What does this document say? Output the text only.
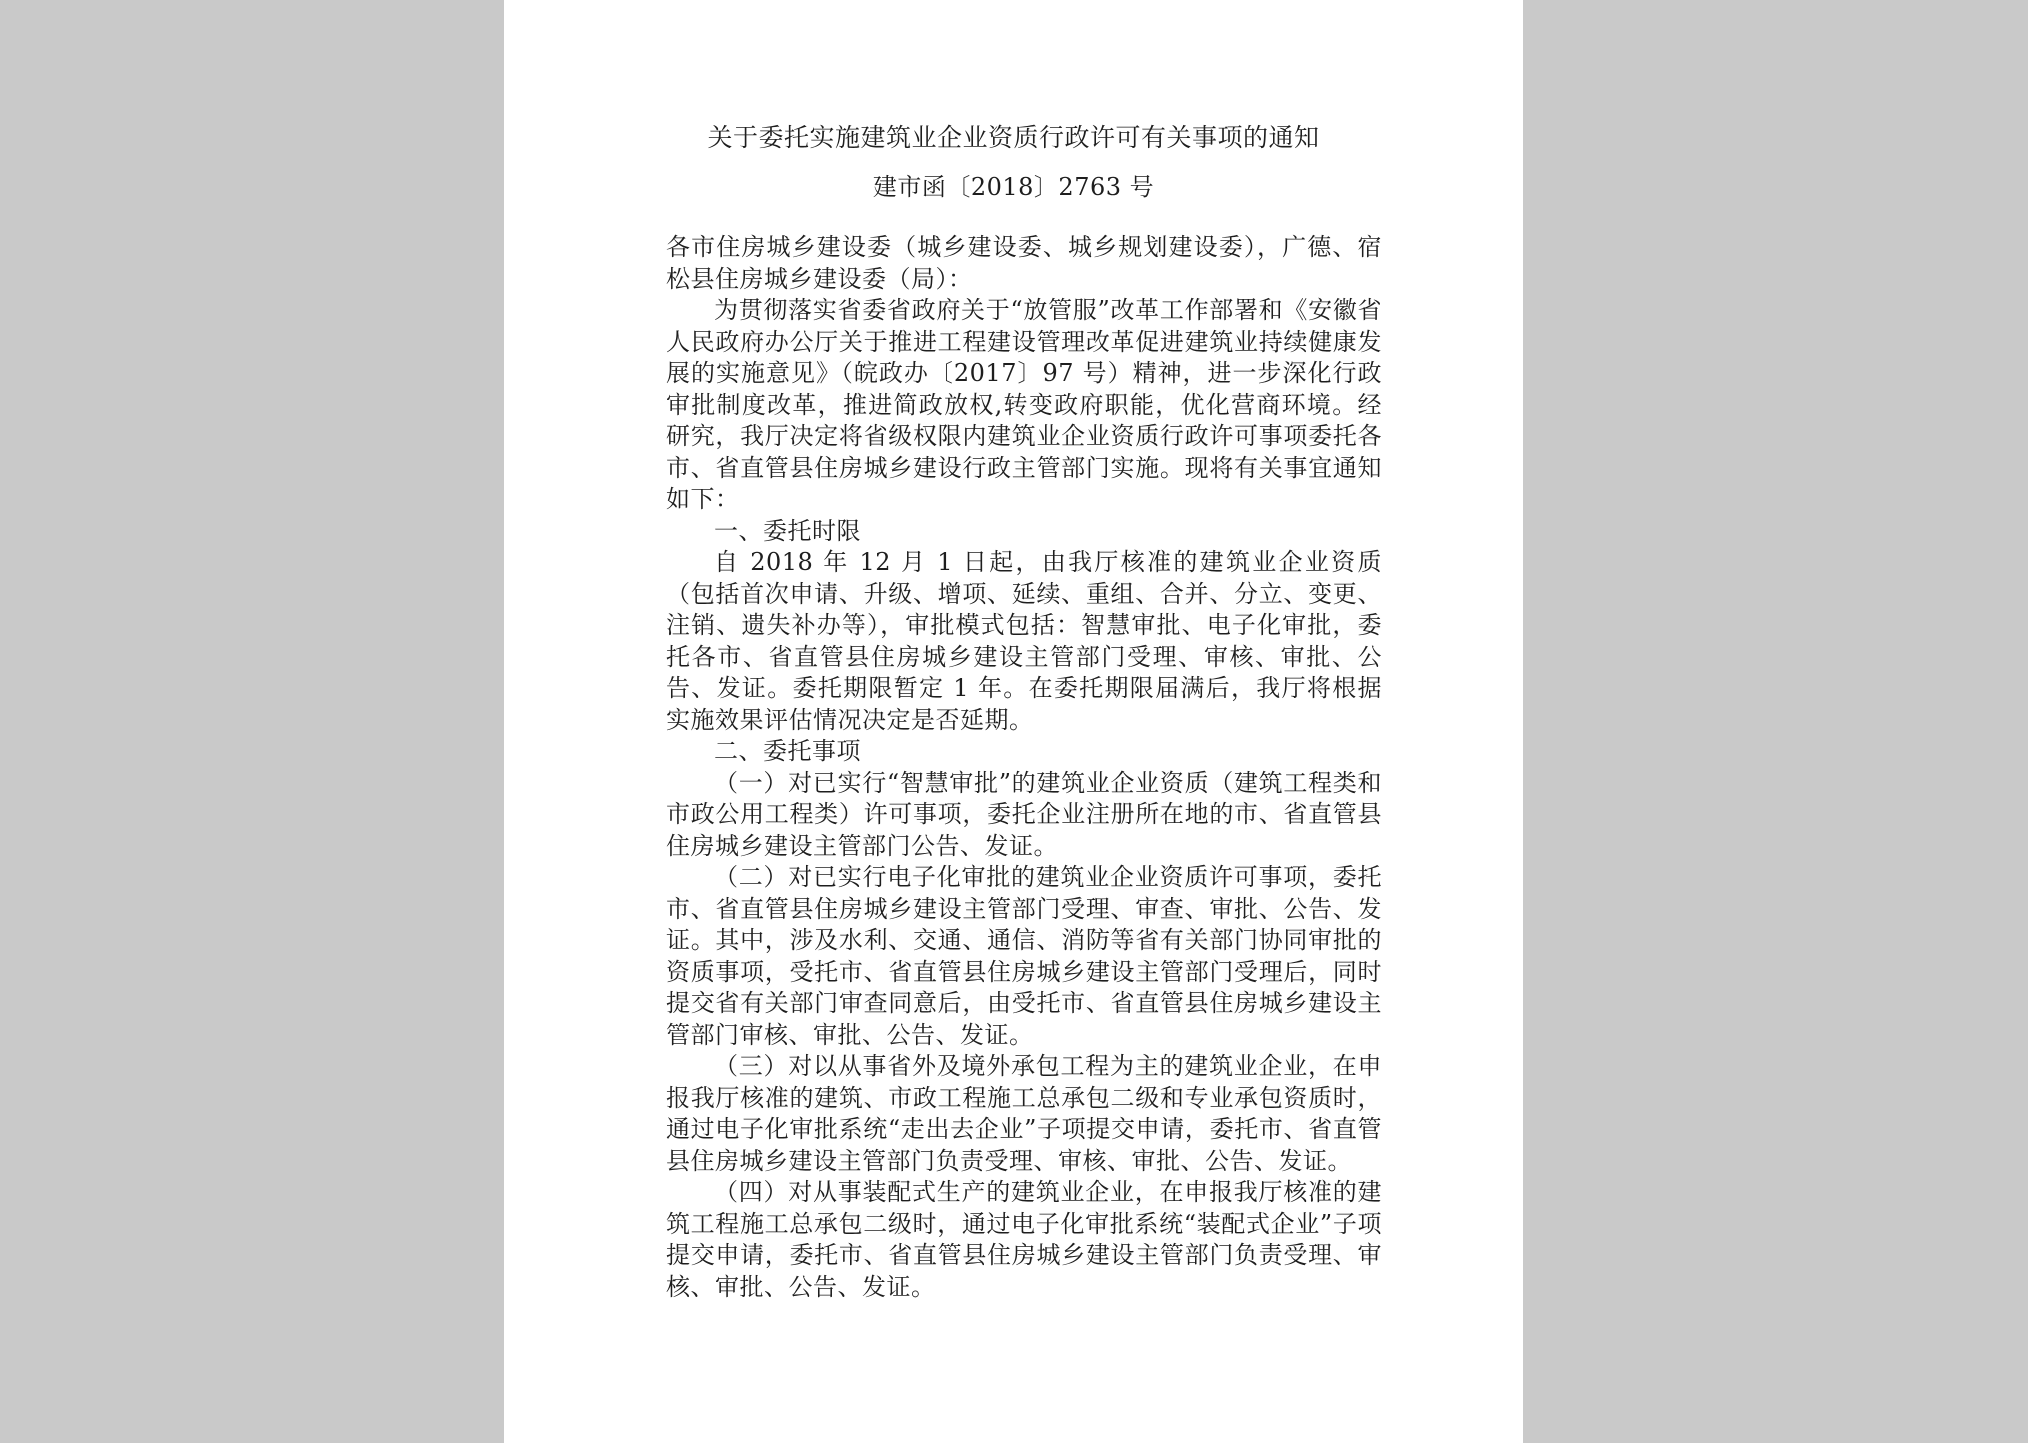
关于委托实施建筑业企业资质行政许可有关事项的通知
建市函〔2018〕2763 号

各市住房城乡建设委（城乡建设委、城乡规划建设委），广德、宿松县住房城乡建设委（局）：

为贯彻落实省委省政府关于“放管服”改革工作部署和《安徽省人民政府办公厅关于推进工程建设管理改革促进建筑业持续健康发展的实施意见》（皖政办〔2017〕97 号）精神，进一步深化行政审批制度改革，推进简政放权,转变政府职能，优化营商环境。经研究，我厅决定将省级权限内建筑业企业资质行政许可事项委托各市、省直管县住房城乡建设行政主管部门实施。现将有关事宜通知如下：

一、委托时限

自 2018 年 12 月 1 日起，由我厅核准的建筑业企业资质（包括首次申请、升级、增项、延续、重组、合并、分立、变更、注销、遗失补办等），审批模式包括：智慧审批、电子化审批，委托各市、省直管县住房城乡建设主管部门受理、审核、审批、公告、发证。委托期限暂定 1 年。在委托期限届满后，我厅将根据实施效果评估情况决定是否延期。

二、委托事项

（一）对已实行“智慧审批”的建筑业企业资质（建筑工程类和市政公用工程类）许可事项，委托企业注册所在地的市、省直管县住房城乡建设主管部门公告、发证。

（二）对已实行电子化审批的建筑业企业资质许可事项，委托市、省直管县住房城乡建设主管部门受理、审查、审批、公告、发证。其中，涉及水利、交通、通信、消防等省有关部门协同审批的资质事项，受托市、省直管县住房城乡建设主管部门受理后，同时提交省有关部门审查同意后，由受托市、省直管县住房城乡建设主管部门审核、审批、公告、发证。

（三）对以从事省外及境外承包工程为主的建筑业企业，在申报我厅核准的建筑、市政工程施工总承包二级和专业承包资质时，通过电子化审批系统“走出去企业”子项提交申请，委托市、省直管县住房城乡建设主管部门负责受理、审核、审批、公告、发证。

（四）对从事装配式生产的建筑业企业，在申报我厅核准的建筑工程施工总承包二级时，通过电子化审批系统“装配式企业”子项提交申请，委托市、省直管县住房城乡建设主管部门负责受理、审核、审批、公告、发证。
